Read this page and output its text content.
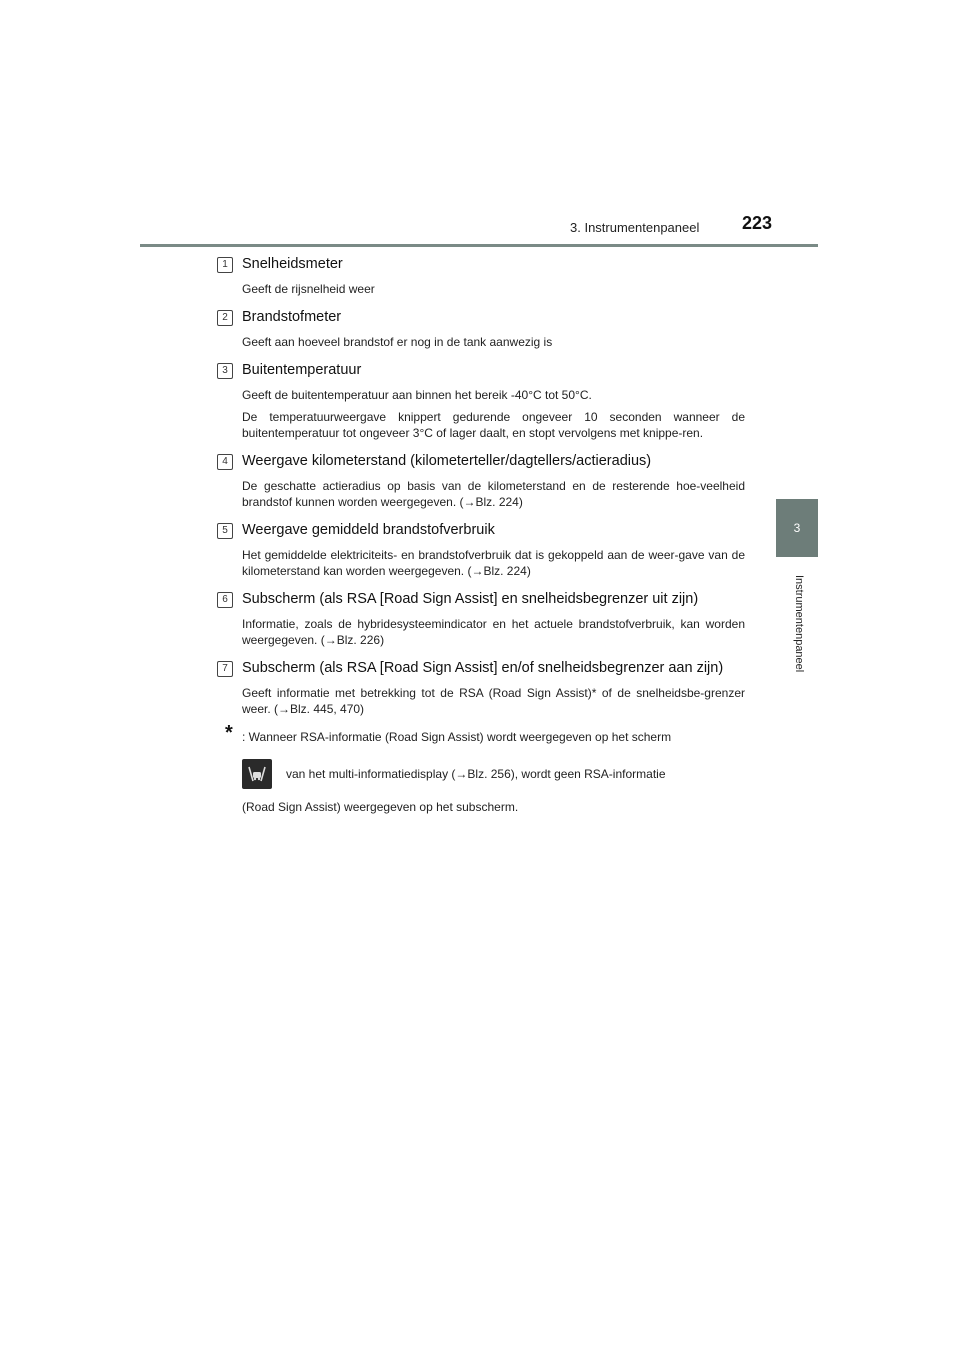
3. Instrumentenpaneel 223
3
Instrumentenpaneel
1 Snelheidsmeter
Geeft de rijsnelheid weer
2 Brandstofmeter
Geeft aan hoeveel brandstof er nog in de tank aanwezig is
3 Buitentemperatuur
Geeft de buitentemperatuur aan binnen het bereik -40°C tot 50°C.
De temperatuurweergave knippert gedurende ongeveer 10 seconden wanneer de buitentemperatuur tot ongeveer 3°C of lager daalt, en stopt vervolgens met knippe-ren.
4 Weergave kilometerstand (kilometerteller/dagtellers/actieradius)
De geschatte actieradius op basis van de kilometerstand en de resterende hoe-veelheid brandstof kunnen worden weergegeven. (→Blz. 224)
5 Weergave gemiddeld brandstofverbruik
Het gemiddelde elektriciteits- en brandstofverbruik dat is gekoppeld aan de weer-gave van de kilometerstand kan worden weergegeven. (→Blz. 224)
6 Subscherm (als RSA [Road Sign Assist] en snelheidsbegrenzer uit zijn)
Informatie, zoals de hybridesysteemindicator en het actuele brandstofverbruik, kan worden weergegeven. (→Blz. 226)
7 Subscherm (als RSA [Road Sign Assist] en/of snelheidsbegrenzer aan zijn)
Geeft informatie met betrekking tot de RSA (Road Sign Assist)* of de snelheidsbe-grenzer weer. (→Blz. 445, 470)
* : Wanneer RSA-informatie (Road Sign Assist) wordt weergegeven op het scherm
van het multi-informatiedisplay (→Blz. 256), wordt geen RSA-informatie
(Road Sign Assist) weergegeven op het subscherm.
